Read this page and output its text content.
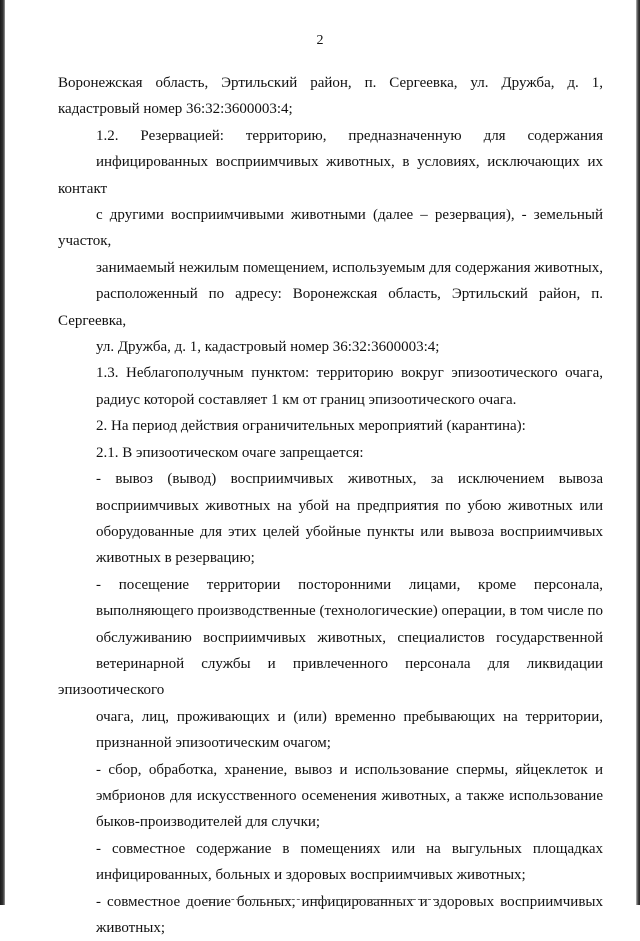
2
Воронежская область, Эртильский район, п. Сергеевка, ул. Дружба, д. 1,
кадастровый номер 36:32:3600003:4;
1.2. Резервацией: территорию, предназначенную для содержания
инфицированных восприимчивых животных, в условиях, исключающих их контакт
с другими восприимчивыми животными (далее – резервация), - земельный участок,
занимаемый нежилым помещением, используемым для содержания животных,
расположенный по адресу: Воронежская область, Эртильский район, п. Сергеевка,
ул. Дружба, д. 1, кадастровый номер 36:32:3600003:4;
1.3. Неблагополучным пунктом: территорию вокруг эпизоотического очага,
радиус которой составляет 1 км от границ эпизоотического очага.
2. На период действия ограничительных мероприятий (карантина):
2.1. В эпизоотическом очаге запрещается:
- вывоз (вывод) восприимчивых животных, за исключением вывоза
восприимчивых животных на убой на предприятия по убою животных или
оборудованные для этих целей убойные пункты или вывоза восприимчивых
животных в резервацию;
- посещение территории посторонними лицами, кроме персонала,
выполняющего производственные (технологические) операции, в том числе по
обслуживанию восприимчивых животных, специалистов государственной
ветеринарной службы и привлеченного персонала для ликвидации эпизоотического
очага, лиц, проживающих и (или) временно пребывающих на территории,
признанной эпизоотическим очагом;
- сбор, обработка, хранение, вывоз и использование спермы, яйцеклеток и
эмбрионов для искусственного осеменения животных, а также использование
быков-производителей для случки;
- совместное содержание в помещениях или на выгульных площадках
инфицированных, больных и здоровых восприимчивых животных;
- совместное доение больных, инфицированных и здоровых восприимчивых
животных;
